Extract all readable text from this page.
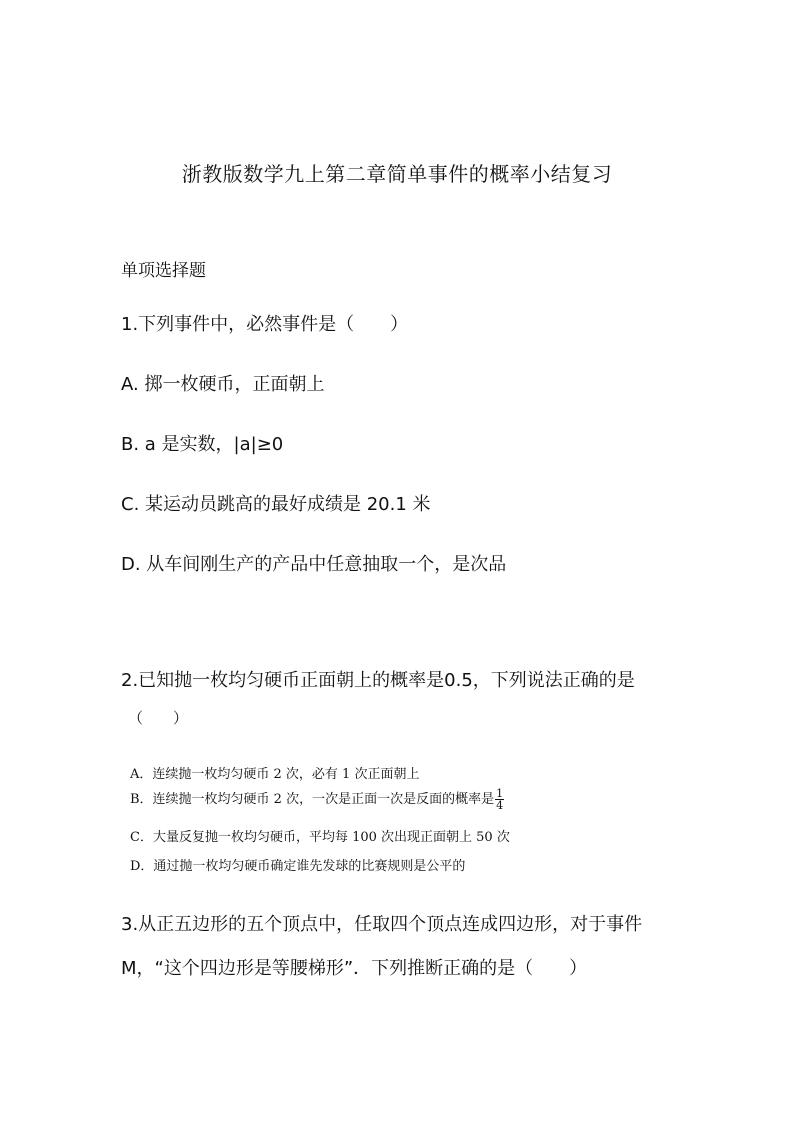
浙教版数学九上第二章简单事件的概率小结复习
单项选择题
1.下列事件中，必然事件是（　　）
A. 掷一枚硬币，正面朝上
B. a 是实数，|a|≥0
C. 某运动员跳高的最好成绩是 20.1 米
D. 从车间刚生产的产品中任意抽取一个，是次品
2.已知抛一枚均匀硬币正面朝上的概率是0.5，下列说法正确的是
（　　）
A．连续抛一枚均匀硬币 2 次，必有 1 次正面朝上
B．连续抛一枚均匀硬币 2 次，一次是正面一次是反面的概率是 $\frac{1}{4}$
C．大量反复抛一枚均匀硬币，平均每 100 次出现正面朝上 50 次
D．通过抛一枚均匀硬币确定谁先发球的比赛规则是公平的
3.从正五边形的五个顶点中，任取四个顶点连成四边形，对于事件
M，“这个四边形是等腰梯形”．下列推断正确的是（　　）
